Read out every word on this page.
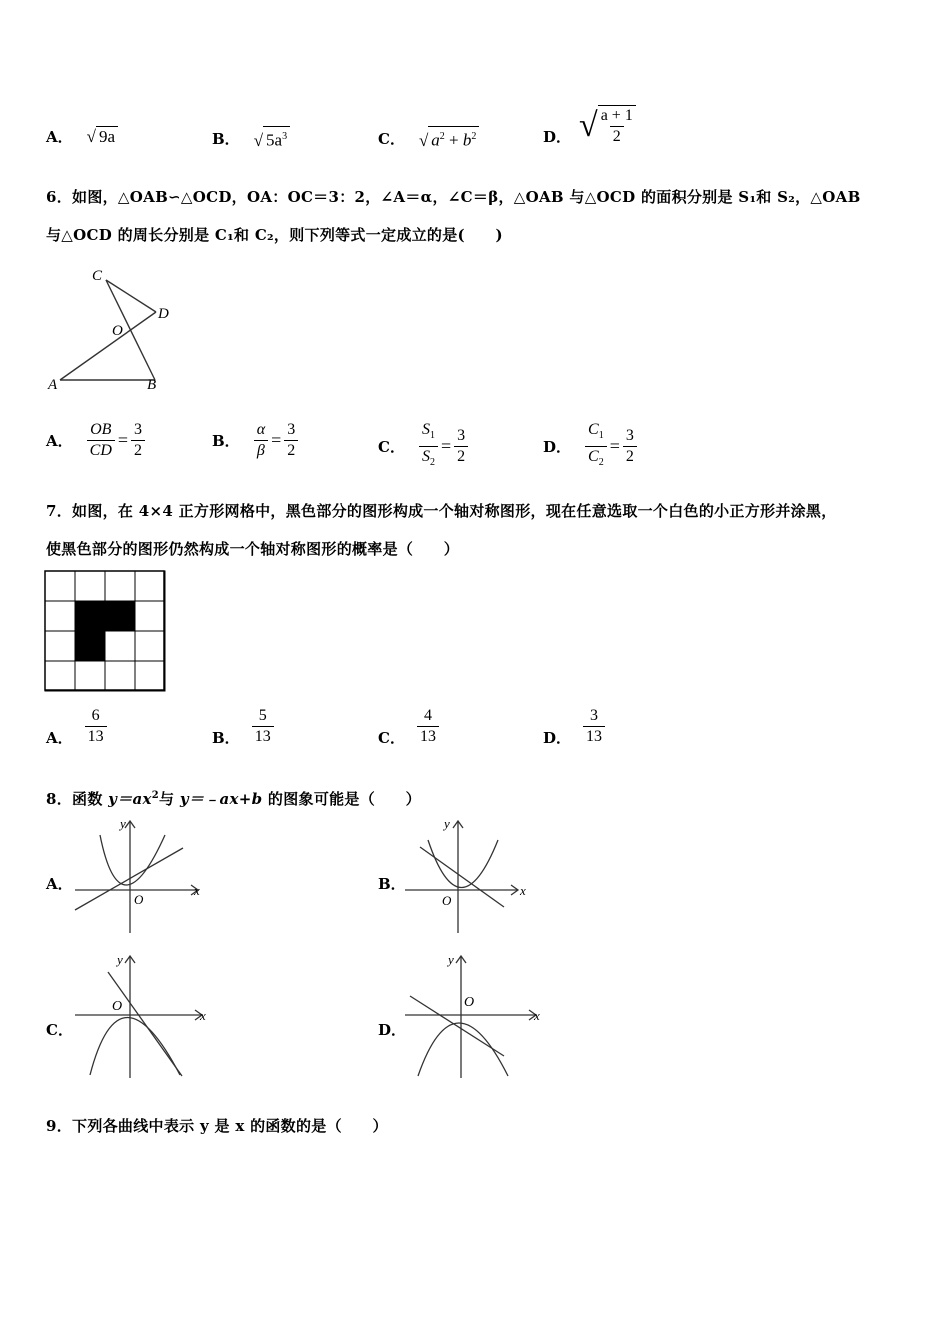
A． √ 9a	B． √ $5a^3$	C． √ $a^2 + b^2$	D． √ $\frac{a + 1}{2}$
6．如图，△OAB∽△OCD，OA：OC＝3：2，∠A＝α，∠C＝β，△OAB 与△OCD 的面积分别是 S₁和 S₂，△OAB
与△OCD 的周长分别是 C₁和 C₂，则下列等式一定成立的是(　　)
C
D
O
A	B
A． $\frac{OB}{CD} = \frac{3}{2}$	B． $\frac{\alpha}{\beta} = \frac{3}{2}$	C． $\frac{S_1}{S_2} = \frac{3}{2}$	D． $\frac{C_1}{C_2} = \frac{3}{2}$
7．如图，在 4×4 正方形网格中，黑色部分的图形构成一个轴对称图形，现在任意选取一个白色的小正方形并涂黑，
使黑色部分的图形仍然构成一个轴对称图形的概率是（　　）
A． $\frac{6}{13}$	B． $\frac{5}{13}$	C． $\frac{4}{13}$	D． $\frac{3}{13}$
8．函数 $y=ax^2$与 y＝﹣ax+b 的图象可能是（　　）
A．
y
x
O
B．
y
x
O
C．
y
x
O
D．
y
x
O
9．下列各曲线中表示 y 是 x 的函数的是（　　）
